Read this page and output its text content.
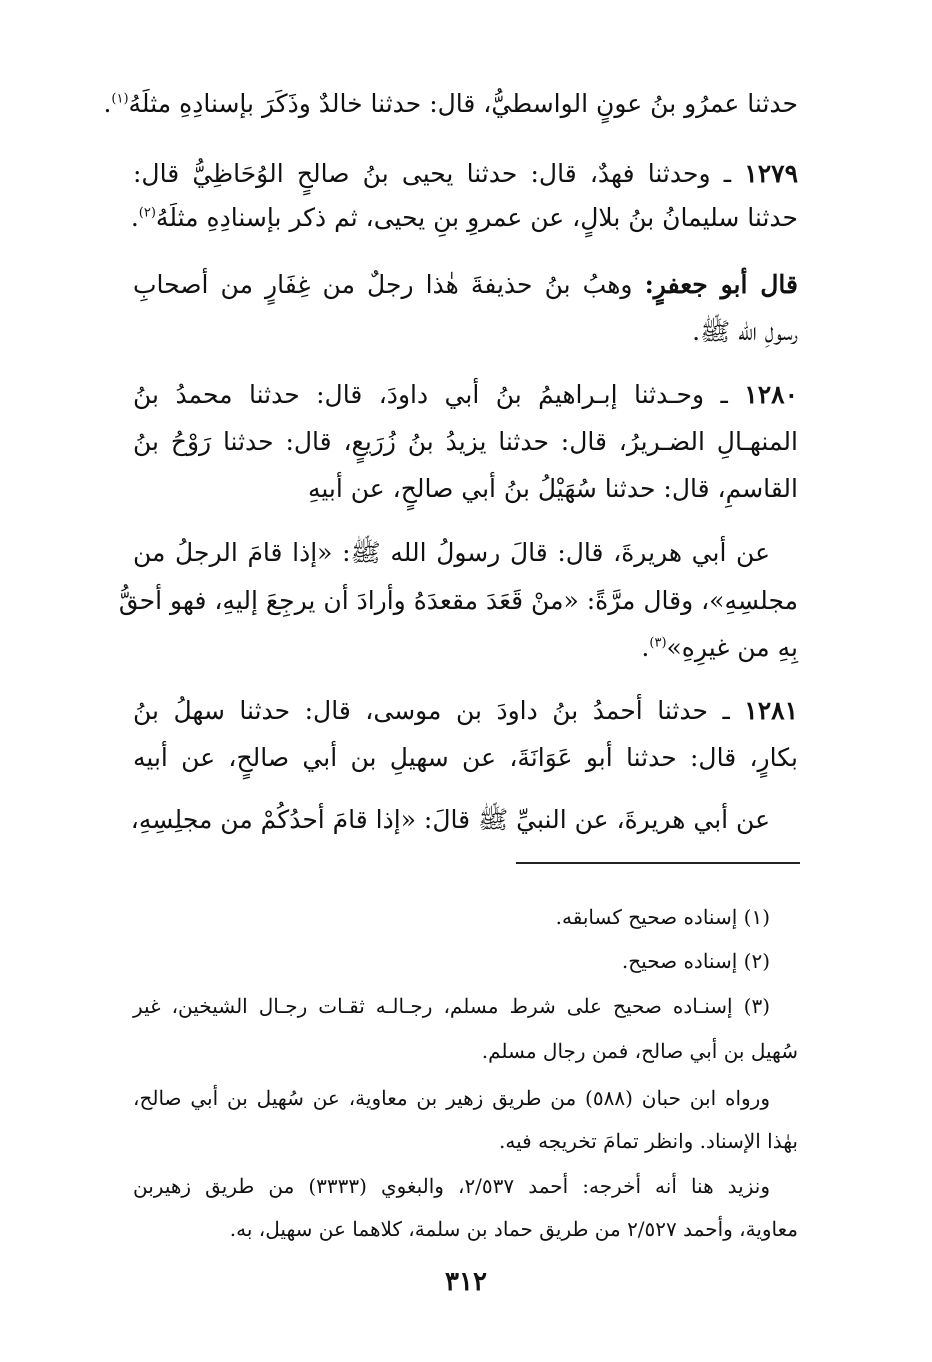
حدثنا عمرُو بنُ عونٍ الواسطيُّ، قال: حدثنا خالدٌ وذَكَرَ بإسنادِهِ مثلَهُ$^{(١)}$.
١٢٧٩ ـ وحدثنا فهدٌ، قال: حدثنا يحيى بنُ صالحٍ الوُحَاظِيُّ قال:
حدثنا سليمانُ بنُ بلالٍ، عن عمروِ بنِ يحيى، ثم ذكر بإسنادِهِ مثلَهُ$^{(٢)}$.
قال أبو جعفرٍ: وهبُ بنُ حذيفةَ هٰذا رجلٌ من غِفَارٍ من أصحابِ
رسولِ الله ﷺ.
١٢٨٠ ـ وحـدثنا إبـراهيمُ بنُ أبي داودَ، قال: حدثنا محمدُ بنُ
المنهـالِ الضـريرُ، قال: حدثنا يزيدُ بنُ زُرَيعٍ، قال: حدثنا رَوْحُ بنُ
القاسمِ، قال: حدثنا سُهَيْلُ بنُ أبي صالحٍ، عن أبيهِ
عن أبي هريرةَ، قال: قالَ رسولُ الله ﷺ: «إذا قامَ الرجلُ من
مجلسِهِ»، وقال مرَّةً: «منْ قَعَدَ مقعدَهُ وأرادَ أن يرجِعَ إليهِ، فهو أحقُّ
بِهِ من غيرِهِ»$^{(٣)}$.
١٢٨١ ـ حدثنا أحمدُ بنُ داودَ بن موسى، قال: حدثنا سهلُ بنُ
بكارٍ، قال: حدثنا أبو عَوَانَةَ، عن سهيلِ بن أبي صالحٍ، عن أبيه
عن أبي هريرةَ، عن النبيِّ ﷺ قالَ: «إذا قامَ أحدُكُمْ من مجلِسِهِ،
(١) إسناده صحيح كسابقه.
(٢) إسناده صحيح.
(٣) إسنـاده صحيح على شرط مسلم، رجـالـه ثقـات رجـال الشيخين، غير
سُهيل بن أبي صالح، فمن رجال مسلم.
ورواه ابن حبان (٥٨٨) من طريق زهير بن معاوية، عن سُهيل بن أبي صالح،
بهٰذا الإسناد. وانظر تمامَ تخريجه فيه.
ونزيد هنا أنه أخرجه: أحمد ٢/٥٣٧، والبغوي (٣٣٣٣) من طريق زهيربن
معاوية، وأحمد ٢/٥٢٧ من طريق حماد بن سلمة، كلاهما عن سهيل، به.
٣١٢
